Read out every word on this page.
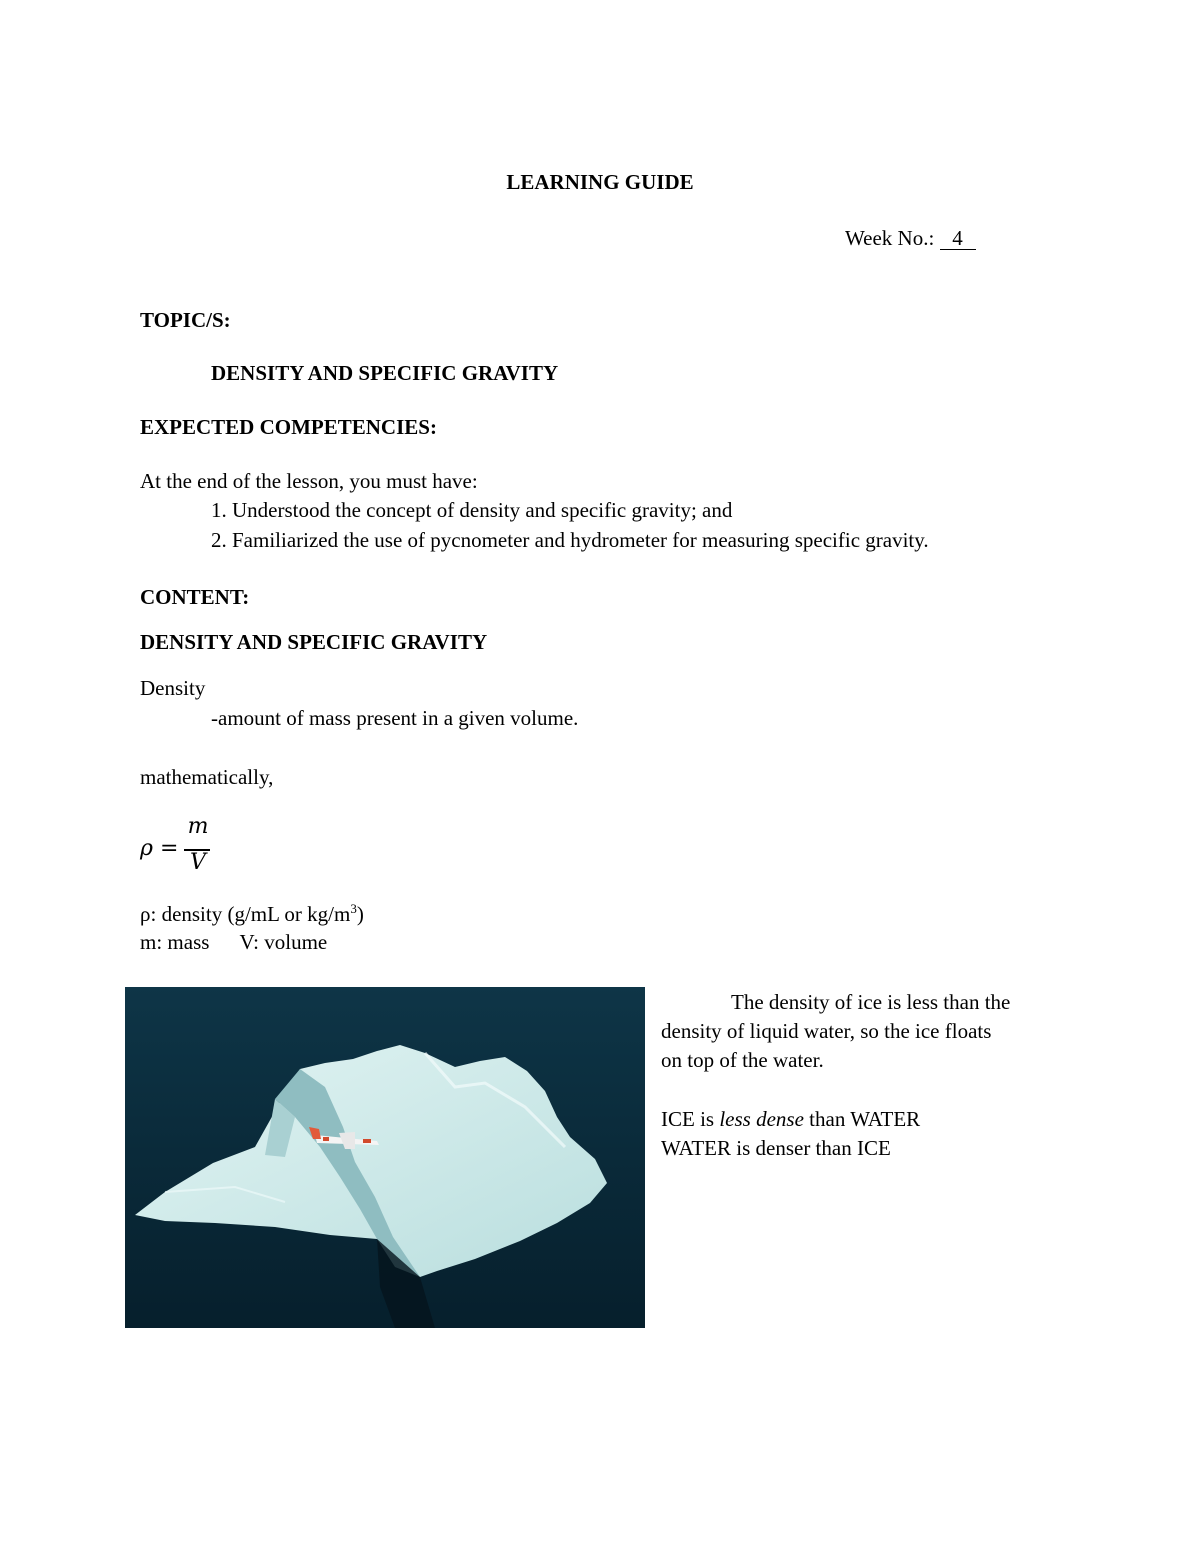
LEARNING GUIDE
Week No.: 4
TOPIC/S:
DENSITY AND SPECIFIC GRAVITY
EXPECTED COMPETENCIES:
At the end of the lesson, you must have:
1. Understood the concept of density and specific gravity; and
2. Familiarized the use of pycnometer and hydrometer for measuring specific gravity.
CONTENT:
DENSITY AND SPECIFIC GRAVITY
Density
-amount of mass present in a given volume.
mathematically,
ρ =
m
V
ρ: density (g/mL or $kg/m^3$)
m: mass V: volume
The density of ice is less than the
density of liquid water, so the ice floats
on top of the water.
ICE is less dense than WATER
WATER is denser than ICE
